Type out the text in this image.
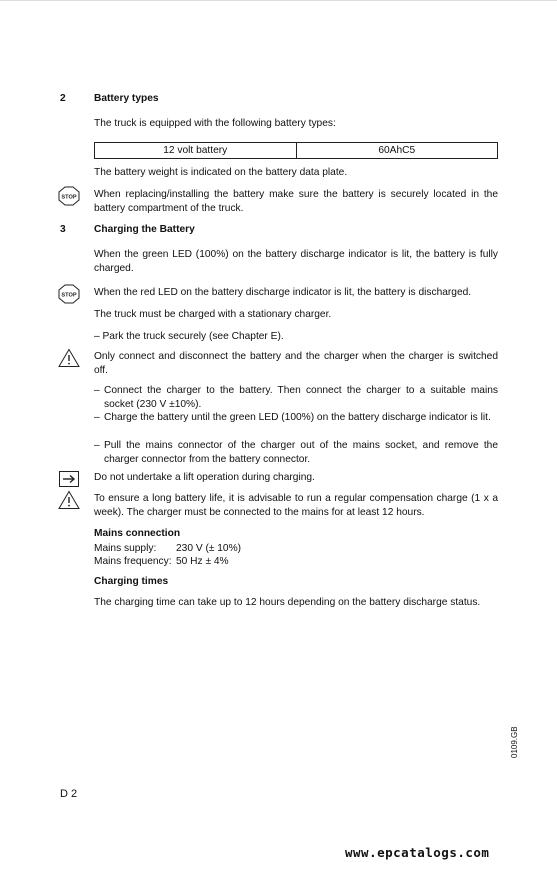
2	Battery types
The truck is equipped with the following battery types:
12 volt battery	60AhC5
The battery weight is indicated on the battery data plate.
STOP When replacing/installing the battery make sure the battery is securely located in the battery compartment of the truck.
3	Charging the Battery
When the green LED (100%) on the battery discharge indicator is lit, the battery is fully charged.
STOP When the red LED on the battery discharge indicator is lit, the battery is discharged.
The truck must be charged with a stationary charger.
– Park the truck securely (see Chapter E).
Only connect and disconnect the battery and the charger when the charger is switched off.
– Connect the charger to the battery. Then connect the charger to a suitable mains socket (230 V ±10%).
– Charge the battery until the green LED (100%) on the battery discharge indicator is lit.
– Pull the mains connector of the charger out of the mains socket, and remove the charger connector from the battery connector.
Do not undertake a lift operation during charging.
To ensure a long battery life, it is advisable to run a regular compensation charge (1 x a week). The charger must be connected to the mains for at least 12 hours.
Mains connection
Mains supply: 230 V (± 10%)
Mains frequency: 50 Hz ± 4%
Charging times
The charging time can take up to 12 hours depending on the battery discharge status.
0109.GB
D 2
www.epcatalogs.com
